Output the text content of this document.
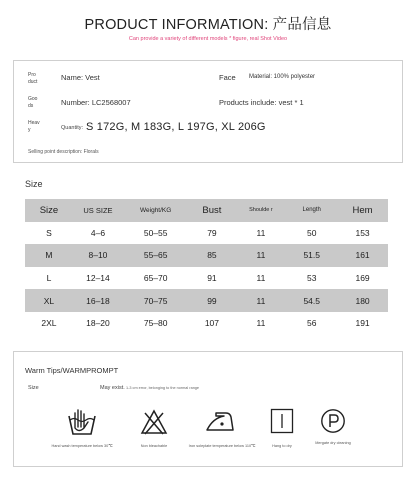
PRODUCT INFORMATION: 产品信息
Can provide a variety of different models * figure, real Shot Video
Pro duct	Name: Vest	Face Material: 100% polyester
Goo ds	Number: LC2568007	Products include: vest * 1
Heav y	Quantity: S 172G, M 183G, L 197G, XL 206G
Selling point description: Florals
Size
Size	US SIZE	Weight/KG	Bust	Shoulde r	Length	Hem
S	4–6	50–55	79	11	50	153
M	8–10	55–65	85	11	51.5	161
L	12–14	65–70	91	11	53	169
XL	16–18	70–75	99	11	54.5	180
2XL	18–20	75–80	107	11	56	191
Warm Tips/WARMPROMPT
Size	May exist. 1-3 cm error, belonging to the normal range
Hand wash temperature below 30℃	Non bleachable	Iron soleplate temperature below 110℃	Hang to dry
Mergate dry cleaning
